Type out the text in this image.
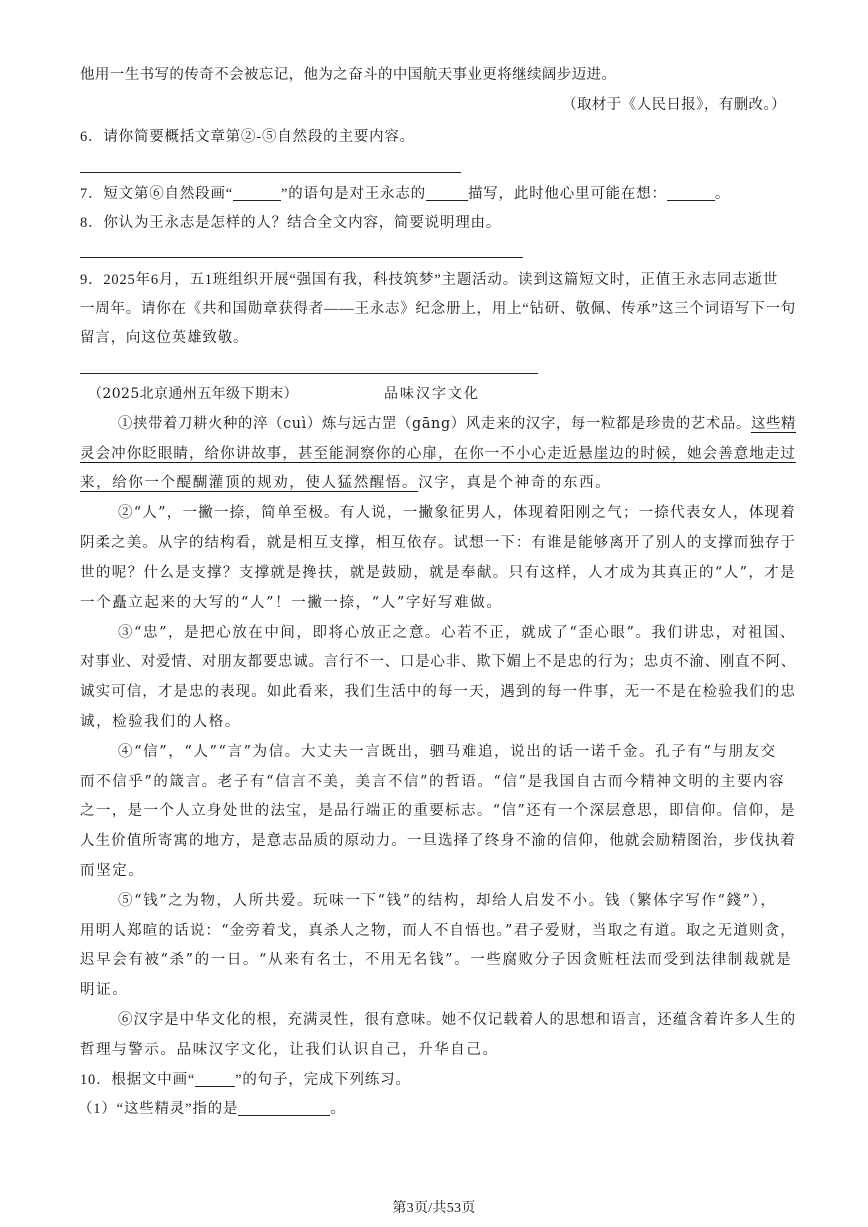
他用一生书写的传奇不会被忘记，他为之奋斗的中国航天事业更将继续阔步迈进。
（取材于《人民日报》，有删改。）
6．请你简要概括文章第②-⑤自然段的主要内容。
7．短文第⑥自然段画“	”的语句是对王永志的	描写，此时他心里可能在想：	。
8．你认为王永志是怎样的人？结合全文内容，简要说明理由。
9．2025年6月，五1班组织开展“强国有我，科技筑梦”主题活动。读到这篇短文时，正值王永志同志逝世
一周年。请你在《共和国勋章获得者——王永志》纪念册上，用上“钻研、敬佩、传承”这三个词语写下一句
留言，向这位英雄致敬。
（2025北京通州五年级下期末）	品味汉字文化
①挟带着刀耕火种的淬（cuì）炼与远古罡（gāng）风走来的汉字，每一粒都是珍贵的艺术品。这些精
灵会冲你眨眼睛，给你讲故事，甚至能洞察你的心扉，在你一不小心走近悬崖边的时候，她会善意地走过
来，给你一个醍醐灌顶的规劝，使人猛然醒悟。汉字，真是个神奇的东西。
②“人”，一撇一捺，简单至极。有人说，一撇象征男人，体现着阳刚之气；一捺代表女人，体现着
阴柔之美。从字的结构看，就是相互支撑，相互依存。试想一下：有谁是能够离开了别人的支撑而独存于
世的呢？什么是支撑？支撑就是搀扶，就是鼓励，就是奉献。只有这样，人才成为其真正的“人”，才是
一个矗立起来的大写的“人”！一撇一捺，“人”字好写难做。
③“忠”，是把心放在中间，即将心放正之意。心若不正，就成了“歪心眼”。我们讲忠，对祖国、
对事业、对爱情、对朋友都要忠诚。言行不一、口是心非、欺下媚上不是忠的行为；忠贞不渝、刚直不阿、
诚实可信，才是忠的表现。如此看来，我们生活中的每一天，遇到的每一件事，无一不是在检验我们的忠
诚，检验我们的人格。
④“信”，“人”“言”为信。大丈夫一言既出，驷马难追，说出的话一诺千金。孔子有“与朋友交
而不信乎”的箴言。老子有“信言不美，美言不信”的哲语。“信”是我国自古而今精神文明的主要内容
之一，是一个人立身处世的法宝，是品行端正的重要标志。“信”还有一个深层意思，即信仰。信仰，是
人生价值所寄寓的地方，是意志品质的原动力。一旦选择了终身不渝的信仰，他就会励精图治，步伐执着
而坚定。
⑤“钱”之为物，人所共爱。玩味一下“钱”的结构，却给人启发不小。钱（繁体字写作“錢”），
用明人郑暄的话说：“金旁着戈，真杀人之物，而人不自悟也。”君子爱财，当取之有道。取之无道则贪，
迟早会有被“杀”的一日。“从来有名士，不用无名钱”。一些腐败分子因贪赃枉法而受到法律制裁就是
明证。
⑥汉字是中华文化的根，充满灵性，很有意味。她不仅记载着人的思想和语言，还蕴含着许多人生的
哲理与警示。品味汉字文化，让我们认识自己，升华自己。
10．根据文中画“	”的句子，完成下列练习。
（1）“这些精灵”指的是	。
第3页/共53页
